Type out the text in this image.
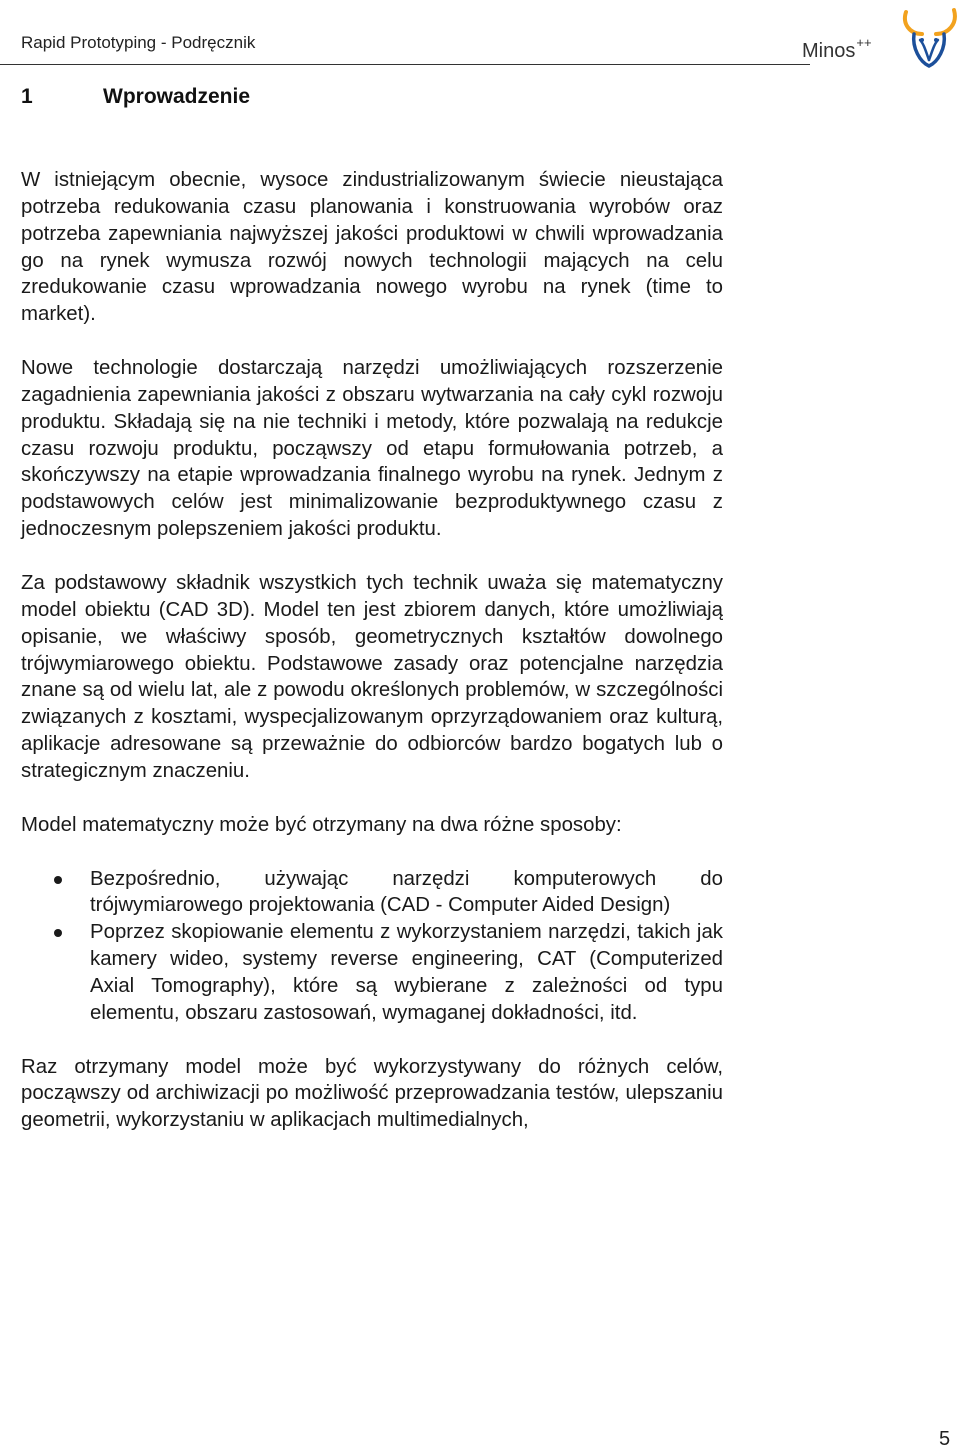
Rapid Prototyping - Podręcznik	Minos++
1	Wprowadzenie

W istniejącym obecnie, wysoce zindustrializowanym świecie nieustająca potrzeba redukowania czasu planowania i konstruowania wyrobów oraz potrzeba zapewniania najwyższej jakości produktowi w chwili wprowadzania go na rynek wymusza rozwój nowych technologii mających na celu zredukowanie czasu wprowadzania nowego wyrobu na rynek (time to market).

Nowe technologie dostarczają narzędzi umożliwiających rozszerzenie zagadnienia zapewniania jakości z obszaru wytwarzania na cały cykl rozwoju produktu. Składają się na nie techniki i metody, które pozwalają na redukcje czasu rozwoju produktu, począwszy od etapu formułowania potrzeb, a skończywszy na etapie wprowadzania finalnego wyrobu na rynek. Jednym z podstawowych celów jest minimalizowanie bezproduktywnego czasu z jednoczesnym polepszeniem jakości produktu.

Za podstawowy składnik wszystkich tych technik uważa się matematyczny model obiektu (CAD 3D). Model ten jest zbiorem danych, które umożliwiają opisanie, we właściwy sposób, geometrycznych kształtów dowolnego trójwymiarowego obiektu. Podstawowe zasady oraz potencjalne narzędzia znane są od wielu lat, ale z powodu określonych problemów, w szczególności związanych z kosztami, wyspecjalizowanym oprzyrządowaniem oraz kulturą, aplikacje adresowane są przeważnie do odbiorców bardzo bogatych lub o strategicznym znaczeniu.

Model matematyczny może być otrzymany na dwa różne sposoby:

Bezpośrednio, używając narzędzi komputerowych do trójwymiarowego projektowania (CAD - Computer Aided Design)
Poprzez skopiowanie elementu z wykorzystaniem narzędzi, takich jak kamery wideo, systemy reverse engineering, CAT (Computerized Axial Tomography), które są wybierane z zależności od typu elementu, obszaru zastosowań, wymaganej dokładności, itd.

Raz otrzymany model może być wykorzystywany do różnych celów, począwszy od archiwizacji po możliwość przeprowadzania testów, ulepszaniu geometrii, wykorzystaniu w aplikacjach multimedialnych,

5
